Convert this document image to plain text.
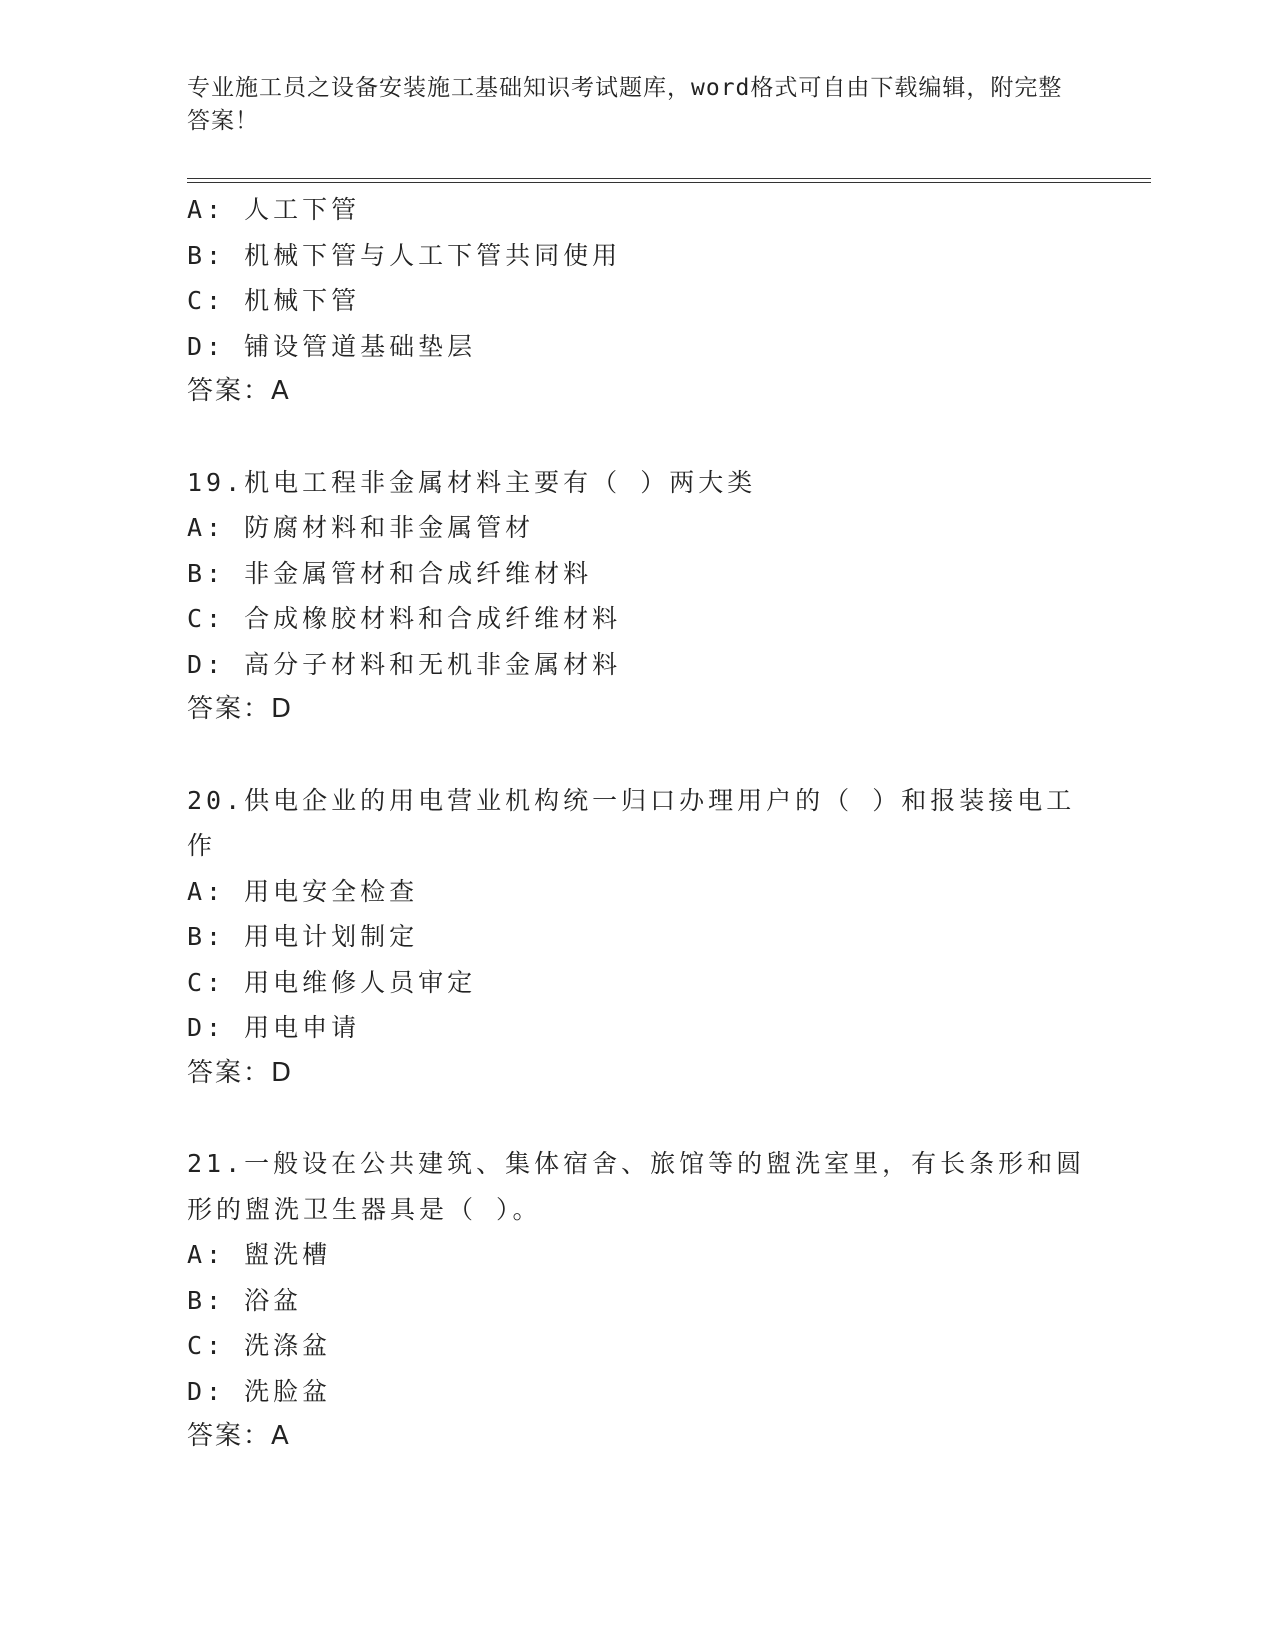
专业施工员之设备安装施工基础知识考试题库，word格式可自由下载编辑，附完整答案！
A: 人工下管
B: 机械下管与人工下管共同使用
C: 机械下管
D: 铺设管道基础垫层
答案：A
19.机电工程非金属材料主要有（ ）两大类
A: 防腐材料和非金属管材
B: 非金属管材和合成纤维材料
C: 合成橡胶材料和合成纤维材料
D: 高分子材料和无机非金属材料
答案：D
20.供电企业的用电营业机构统一归口办理用户的（ ）和报装接电工
作
A: 用电安全检查
B: 用电计划制定
C: 用电维修人员审定
D: 用电申请
答案：D
21.一般设在公共建筑、集体宿舍、旅馆等的盥洗室里，有长条形和圆
形的盥洗卫生器具是（ ）。
A: 盥洗槽
B: 浴盆
C: 洗涤盆
D: 洗脸盆
答案：A
